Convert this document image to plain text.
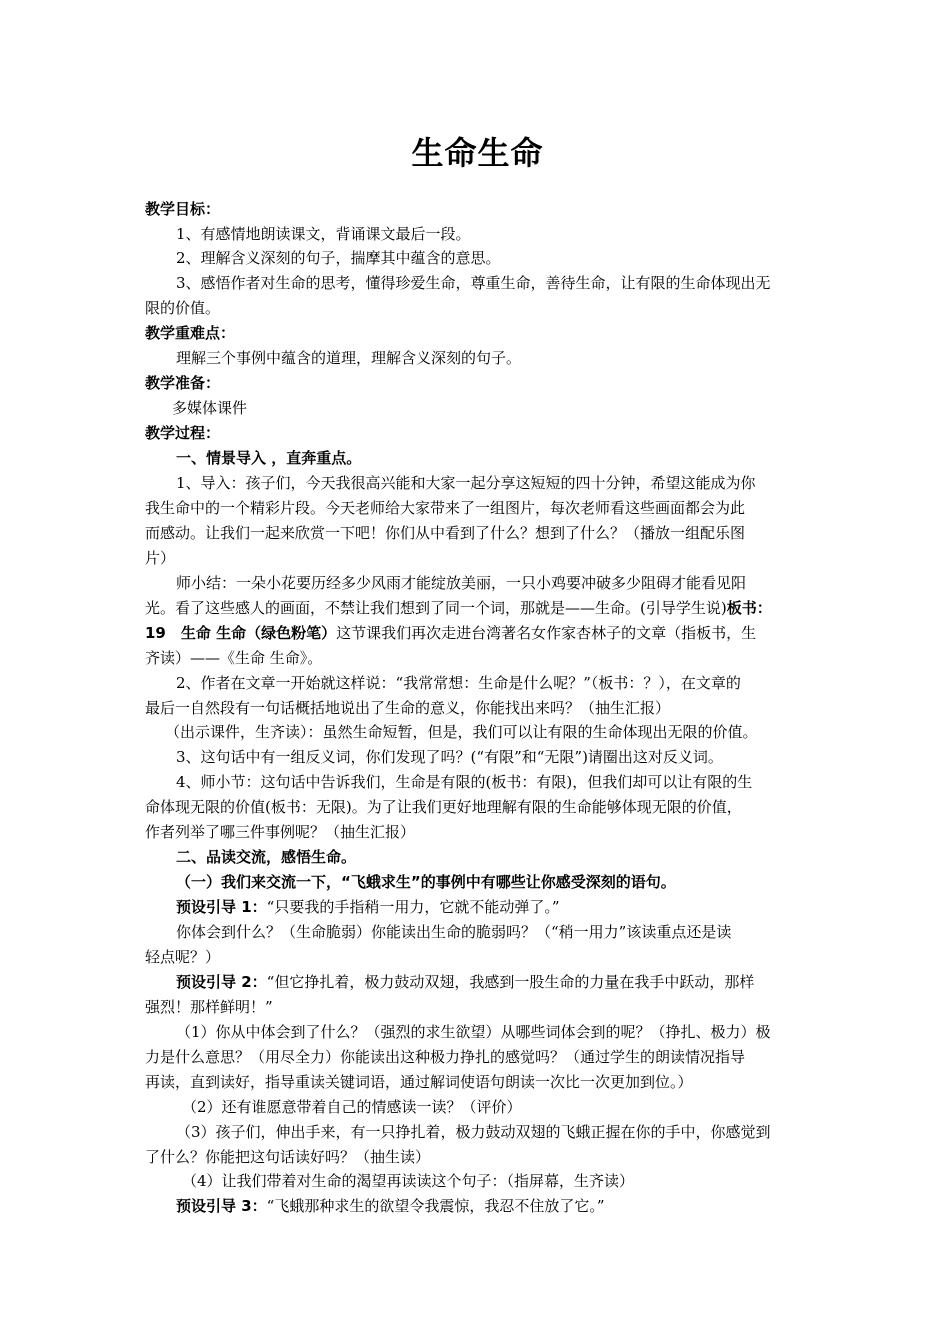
生命生命
教学目标：
1、有感情地朗读课文，背诵课文最后一段。
2、理解含义深刻的句子，揣摩其中蕴含的意思。
3、感悟作者对生命的思考，懂得珍爱生命，尊重生命，善待生命，让有限的生命体现出无
限的价值。
教学重难点：
理解三个事例中蕴含的道理，理解含义深刻的句子。
教学准备：
多媒体课件
教学过程：
一、情景导入 ，直奔重点。
1、导入：孩子们，今天我很高兴能和大家一起分享这短短的四十分钟，希望这能成为你
我生命中的一个精彩片段。今天老师给大家带来了一组图片，每次老师看这些画面都会为此
而感动。让我们一起来欣赏一下吧！你们从中看到了什么？想到了什么？（播放一组配乐图
片）
师小结：一朵小花要历经多少风雨才能绽放美丽，一只小鸡要冲破多少阻碍才能看见阳
光。看了这些感人的画面，不禁让我们想到了同一个词，那就是——生命。(引导学生说)板书：
19　生命 生命（绿色粉笔）这节课我们再次走进台湾著名女作家杏林子的文章（指板书，生
齐读）——《生命 生命》。
2、作者在文章一开始就这样说：“我常常想：生命是什么呢？”（板书：？），在文章的
最后一自然段有一句话概括地说出了生命的意义，你能找出来吗？（抽生汇报）
（出示课件，生齐读）：虽然生命短暂，但是，我们可以让有限的生命体现出无限的价值。
3、这句话中有一组反义词，你们发现了吗？(“有限”和“无限”)请圈出这对反义词。
4、师小节：这句话中告诉我们，生命是有限的(板书：有限)，但我们却可以让有限的生
命体现无限的价值(板书：无限)。为了让我们更好地理解有限的生命能够体现无限的价值，
作者列举了哪三件事例呢？（抽生汇报）
二、品读交流，感悟生命。
（一）我们来交流一下，“飞蛾求生”的事例中有哪些让你感受深刻的语句。
预设引导 1：“只要我的手指稍一用力，它就不能动弹了。”
你体会到什么？（生命脆弱）你能读出生命的脆弱吗？（“稍一用力”该读重点还是读
轻点呢？）
预设引导 2：“但它挣扎着，极力鼓动双翅，我感到一股生命的力量在我手中跃动，那样
强烈！那样鲜明！”
（1）你从中体会到了什么？（强烈的求生欲望）从哪些词体会到的呢？（挣扎、极力）极
力是什么意思？（用尽全力）你能读出这种极力挣扎的感觉吗？（通过学生的朗读情况指导
再读，直到读好，指导重读关键词语，通过解词使语句朗读一次比一次更加到位。）
（2）还有谁愿意带着自己的情感读一读？（评价）
（3）孩子们，伸出手来，有一只挣扎着，极力鼓动双翅的飞蛾正握在你的手中，你感觉到
了什么？你能把这句话读好吗？（抽生读）
（4）让我们带着对生命的渴望再读读这个句子：（指屏幕，生齐读）
预设引导 3：“飞蛾那种求生的欲望令我震惊，我忍不住放了它。”
